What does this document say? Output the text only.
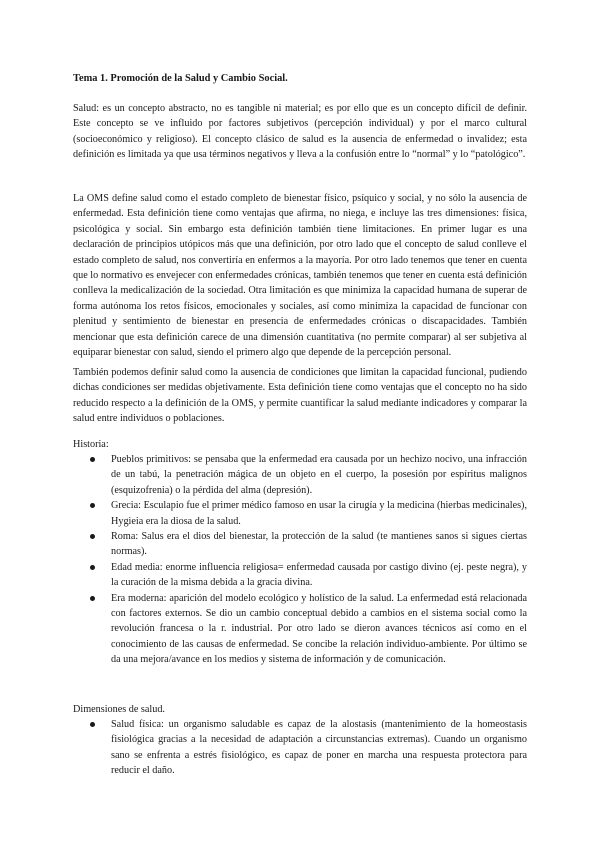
Tema 1. Promoción de la Salud y Cambio Social.

Salud: es un concepto abstracto, no es tangible ni material; es por ello que es un concepto difícil de definir. Este concepto se ve influido por factores subjetivos (percepción individual) y por el marco cultural (socioeconómico y religioso). El concepto clásico de salud es la ausencia de enfermedad o invalidez; esta definición es limitada ya que usa términos negativos y lleva a la confusión entre lo “normal” y lo “patológico”.

La OMS define salud como el estado completo de bienestar físico, psíquico y social, y no sólo la ausencia de enfermedad. Esta definición tiene como ventajas que afirma, no niega, e incluye las tres dimensiones: física, psicológica y social. Sin embargo esta definición también tiene limitaciones. En primer lugar es una declaración de principios utópicos más que una definición, por otro lado que el concepto de salud conlleve el estado completo de salud, nos convertiría en enfermos a la mayoría. Por otro lado tenemos que tener en cuenta que lo normativo es envejecer con enfermedades crónicas, también tenemos que tener en cuenta está definición conlleva la medicalización de la sociedad. Otra limitación es que minimiza la capacidad humana de superar de forma autónoma los retos físicos, emocionales y sociales, así como minimiza la capacidad de funcionar con plenitud y sentimiento de bienestar en presencia de enfermedades crónicas o discapacidades. También mencionar que esta definición carece de una dimensión cuantitativa (no permite comparar) al ser subjetiva al equiparar bienestar con salud, siendo el primero algo que depende de la percepción personal.

También podemos definir salud como la ausencia de condiciones que limitan la capacidad funcional, pudiendo dichas condiciones ser medidas objetivamente. Esta definición tiene como ventajas que el concepto no ha sido reducido respecto a la definición de la OMS, y permite cuantificar la salud mediante indicadores y comparar la salud entre individuos o poblaciones.

Historia:

Pueblos primitivos: se pensaba que la enfermedad era causada por un hechizo nocivo, una infracción de un tabú, la penetración mágica de un objeto en el cuerpo, la posesión por espíritus malignos (esquizofrenia) o la pérdida del alma (depresión).
Grecia: Esculapio fue el primer médico famoso en usar la cirugía y la medicina (hierbas medicinales), Hygieia era la diosa de la salud.
Roma: Salus era el dios del bienestar, la protección de la salud (te mantienes sanos si sigues ciertas normas).
Edad media: enorme influencia religiosa= enfermedad causada por castigo divino (ej. peste negra), y la curación de la misma debida a la gracia divina.
Era moderna: aparición del modelo ecológico y holístico de la salud. La enfermedad está relacionada con factores externos. Se dio un cambio conceptual debido a cambios en el sistema social como la revolución francesa o la r. industrial. Por otro lado se dieron avances técnicos así como en el conocimiento de las causas de enfermedad. Se concibe la relación individuo-ambiente. Por último se da una mejora/avance en los medios y sistema de información y de comunicación.

Dimensiones de salud.

Salud física: un organismo saludable es capaz de la alostasis (mantenimiento de la homeostasis fisiológica gracias a la necesidad de adaptación a circunstancias extremas). Cuando un organismo sano se enfrenta a estrés fisiológico, es capaz de poner en marcha una respuesta protectora para reducir el daño.
